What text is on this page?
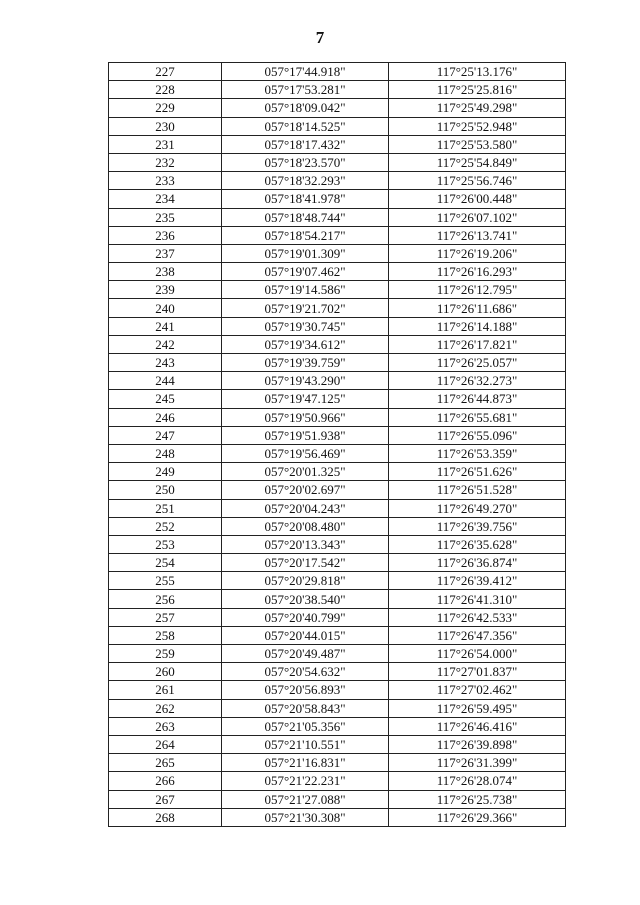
7
227	057°17'44.918"	117°25'13.176"
228	057°17'53.281"	117°25'25.816"
229	057°18'09.042"	117°25'49.298"
230	057°18'14.525"	117°25'52.948"
231	057°18'17.432"	117°25'53.580"
232	057°18'23.570"	117°25'54.849"
233	057°18'32.293"	117°25'56.746"
234	057°18'41.978"	117°26'00.448"
235	057°18'48.744"	117°26'07.102"
236	057°18'54.217"	117°26'13.741"
237	057°19'01.309"	117°26'19.206"
238	057°19'07.462"	117°26'16.293"
239	057°19'14.586"	117°26'12.795"
240	057°19'21.702"	117°26'11.686"
241	057°19'30.745"	117°26'14.188"
242	057°19'34.612"	117°26'17.821"
243	057°19'39.759"	117°26'25.057"
244	057°19'43.290"	117°26'32.273"
245	057°19'47.125"	117°26'44.873"
246	057°19'50.966"	117°26'55.681"
247	057°19'51.938"	117°26'55.096"
248	057°19'56.469"	117°26'53.359"
249	057°20'01.325"	117°26'51.626"
250	057°20'02.697"	117°26'51.528"
251	057°20'04.243"	117°26'49.270"
252	057°20'08.480"	117°26'39.756"
253	057°20'13.343"	117°26'35.628"
254	057°20'17.542"	117°26'36.874"
255	057°20'29.818"	117°26'39.412"
256	057°20'38.540"	117°26'41.310"
257	057°20'40.799"	117°26'42.533"
258	057°20'44.015"	117°26'47.356"
259	057°20'49.487"	117°26'54.000"
260	057°20'54.632"	117°27'01.837"
261	057°20'56.893"	117°27'02.462"
262	057°20'58.843"	117°26'59.495"
263	057°21'05.356"	117°26'46.416"
264	057°21'10.551"	117°26'39.898"
265	057°21'16.831"	117°26'31.399"
266	057°21'22.231"	117°26'28.074"
267	057°21'27.088"	117°26'25.738"
268	057°21'30.308"	117°26'29.366"
